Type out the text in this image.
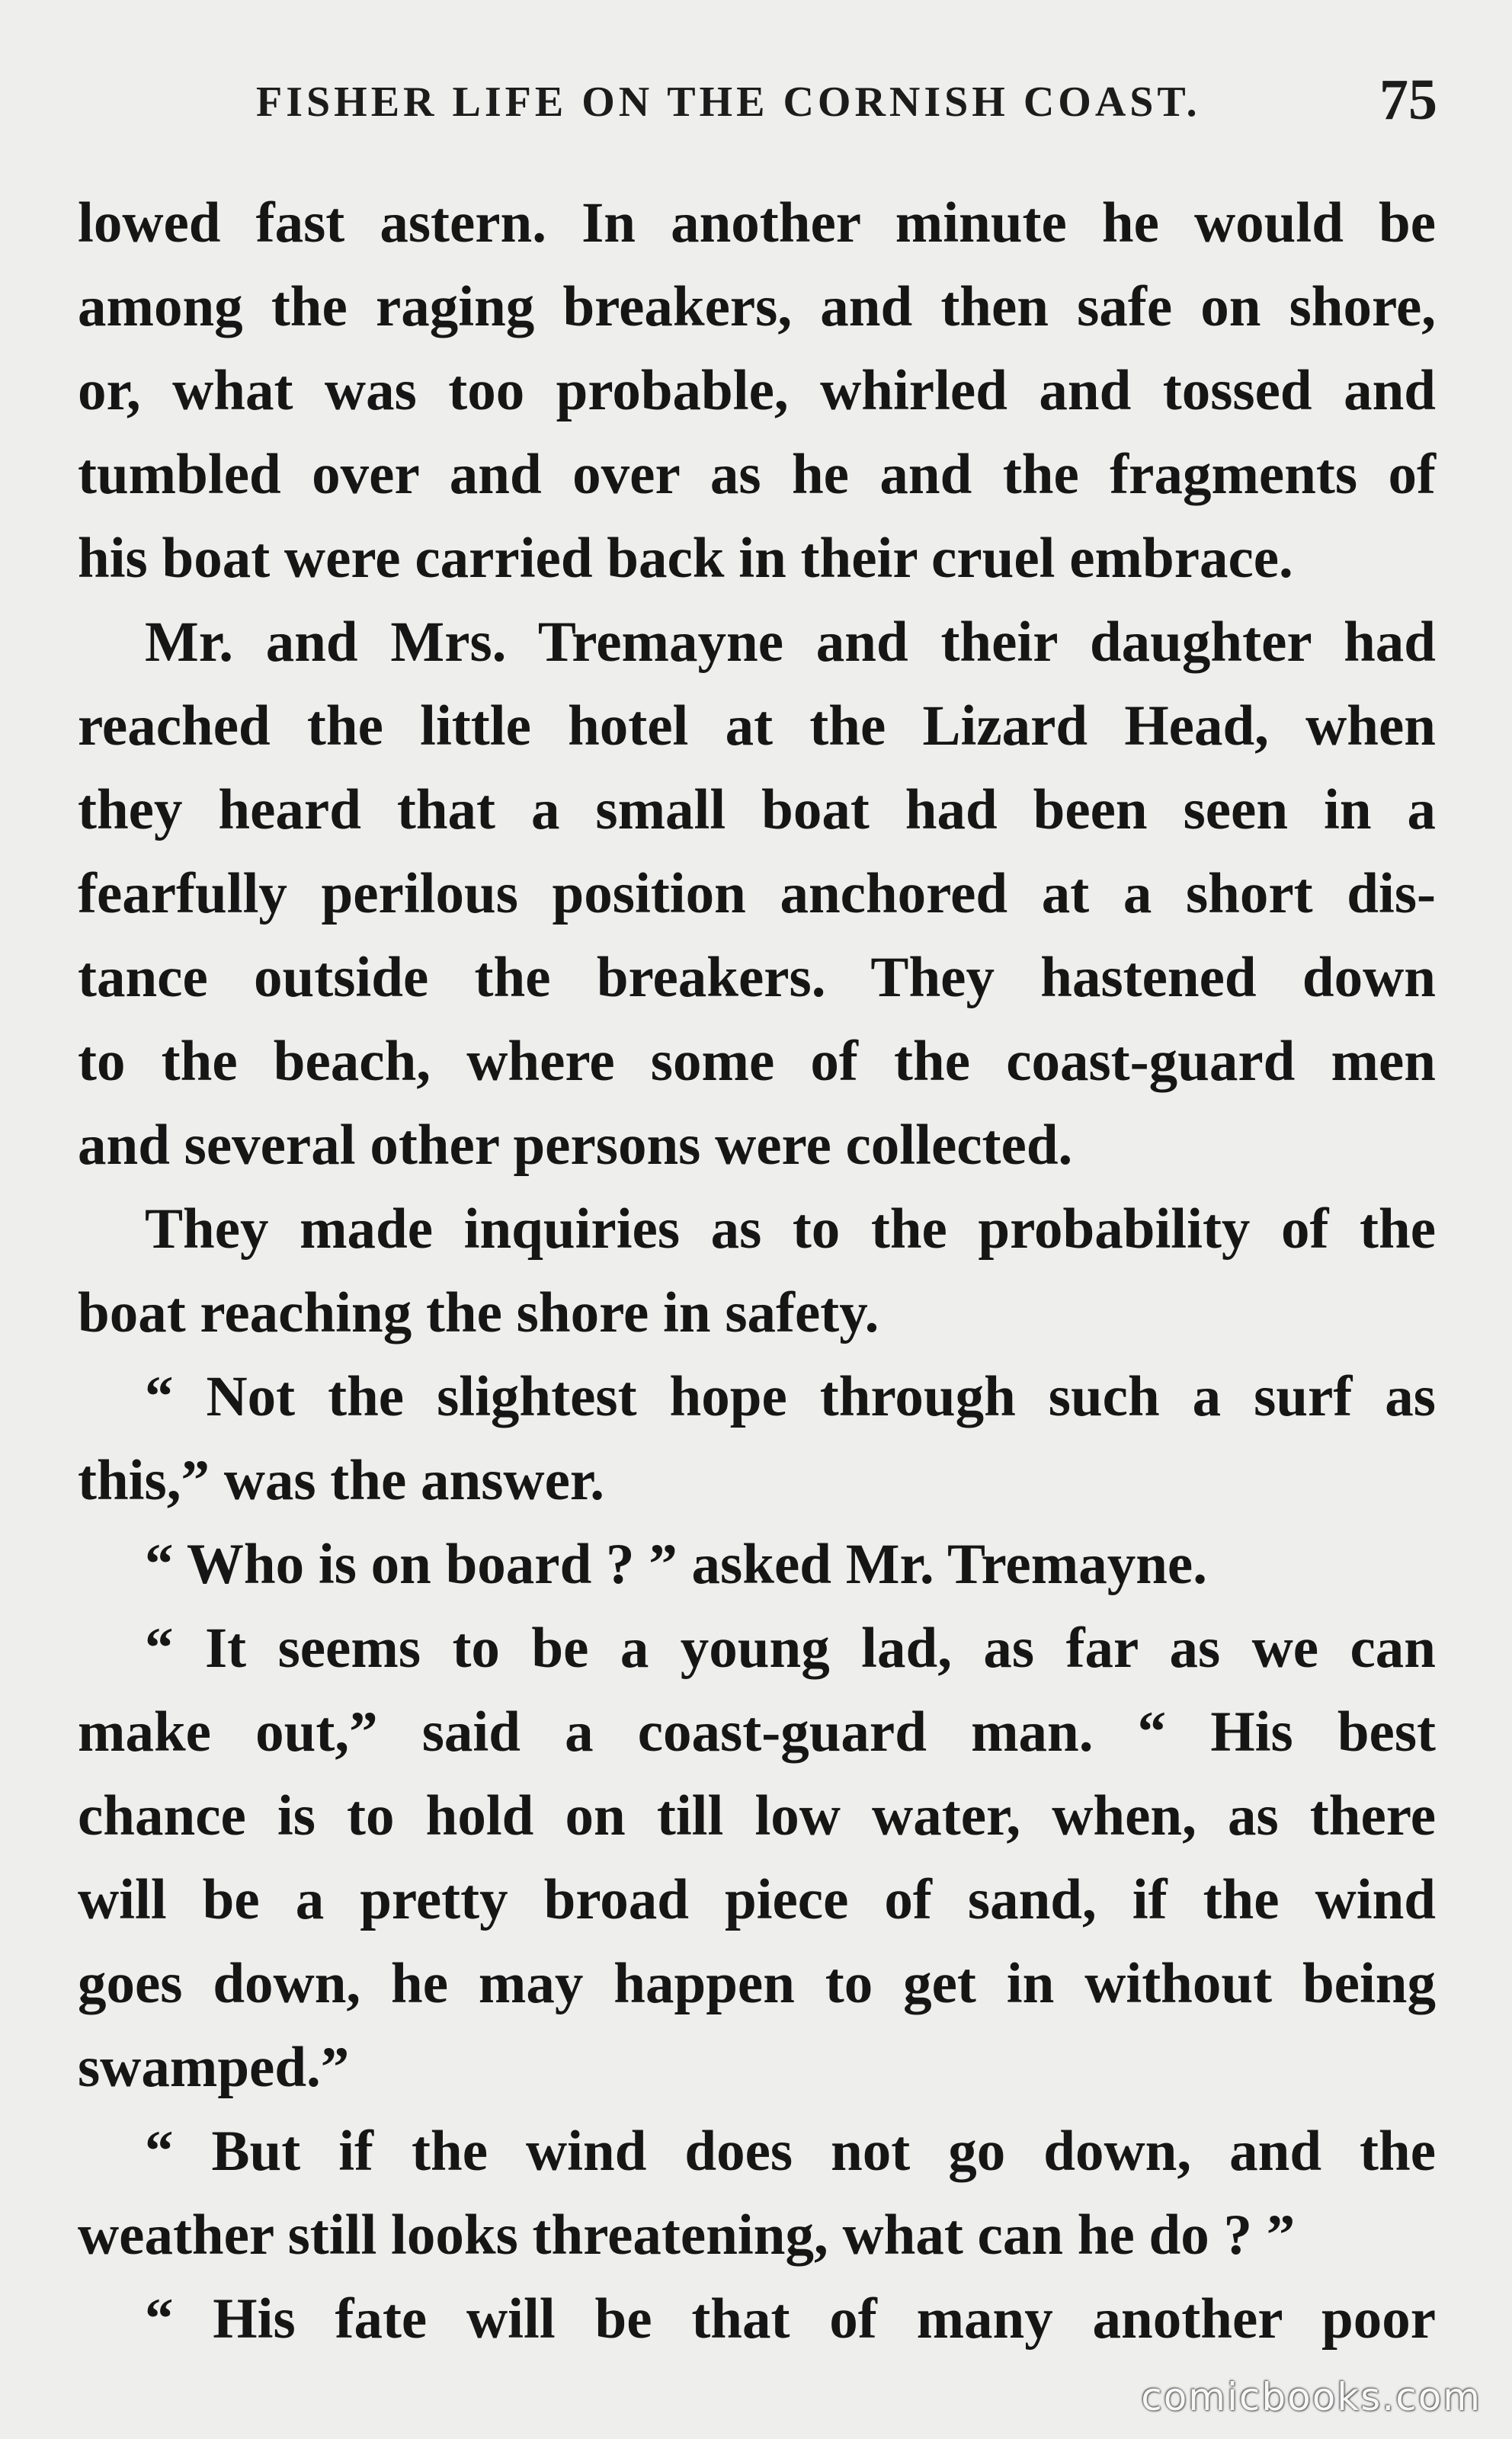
FISHER LIFE ON THE CORNISH COAST.	75
lowed fast astern. In another minute he would be
among the raging breakers, and then safe on shore,
or, what was too probable, whirled and tossed and
tumbled over and over as he and the fragments of
his boat were carried back in their cruel embrace.
Mr. and Mrs. Tremayne and their daughter had
reached the little hotel at the Lizard Head, when
they heard that a small boat had been seen in a
fearfully perilous position anchored at a short dis-
tance outside the breakers. They hastened down
to the beach, where some of the coast-guard men
and several other persons were collected.
They made inquiries as to the probability of the
boat reaching the shore in safety.
“ Not the slightest hope through such a surf as
this,” was the answer.
“ Who is on board ? ” asked Mr. Tremayne.
“ It seems to be a young lad, as far as we can
make out,” said a coast-guard man. “ His best
chance is to hold on till low water, when, as there
will be a pretty broad piece of sand, if the wind
goes down, he may happen to get in without being
swamped.”
“ But if the wind does not go down, and the
weather still looks threatening, what can he do ? ”
“ His fate will be that of many another poor
comicbooks.com
